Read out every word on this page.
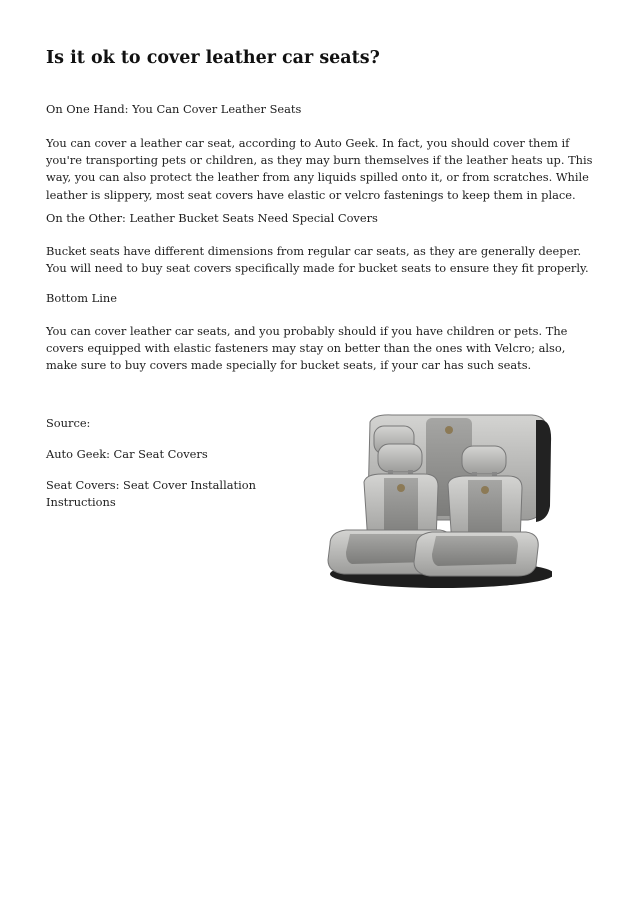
Is it ok to cover leather car seats?

On One Hand: You Can Cover Leather Seats

You can cover a leather car seat, according to Auto Geek. In fact, you should cover them if you're transporting pets or children, as they may burn themselves if the leather heats up. This way, you can also protect the leather from any liquids spilled onto it, or from scratches. While leather is slippery, most seat covers have elastic or velcro fastenings to keep them in place.

On the Other: Leather Bucket Seats Need Special Covers

Bucket seats have different dimensions from regular car seats, as they are generally deeper. You will need to buy seat covers specifically made for bucket seats to ensure they fit properly.

Bottom Line

You can cover leather car seats, and you probably should if you have children or pets. The covers equipped with elastic fasteners may stay on better than the ones with Velcro; also, make sure to buy covers made specially for bucket seats, if your car has such seats.

Source:

Auto Geek: Car Seat Covers

Seat Covers: Seat Cover Installation Instructions
